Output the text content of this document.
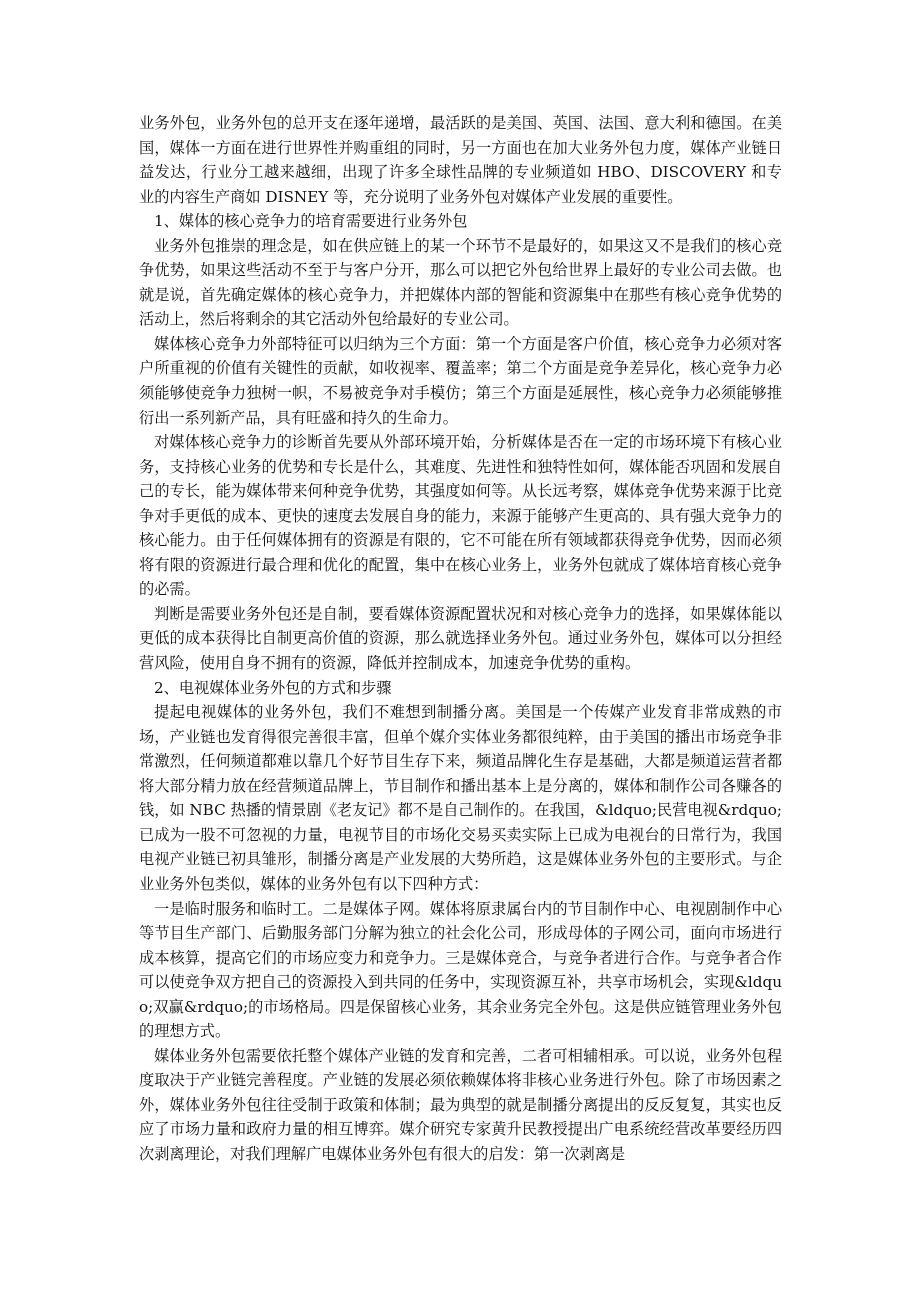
业务外包，业务外包的总开支在逐年递增，最活跃的是美国、英国、法国、意大利和德国。在美国，媒体一方面在进行世界性并购重组的同时，另一方面也在加大业务外包力度，媒体产业链日益发达，行业分工越来越细，出现了许多全球性品牌的专业频道如 HBO、DISCOVERY 和专业的内容生产商如 DISNEY 等，充分说明了业务外包对媒体产业发展的重要性。

1、媒体的核心竞争力的培育需要进行业务外包

业务外包推崇的理念是，如在供应链上的某一个环节不是最好的，如果这又不是我们的核心竞争优势，如果这些活动不至于与客户分开，那么可以把它外包给世界上最好的专业公司去做。也就是说，首先确定媒体的核心竞争力，并把媒体内部的智能和资源集中在那些有核心竞争优势的活动上，然后将剩余的其它活动外包给最好的专业公司。

媒体核心竞争力外部特征可以归纳为三个方面：第一个方面是客户价值，核心竞争力必须对客户所重视的价值有关键性的贡献，如收视率、覆盖率；第二个方面是竞争差异化，核心竞争力必须能够使竞争力独树一帜，不易被竞争对手模仿；第三个方面是延展性，核心竞争力必须能够推衍出一系列新产品，具有旺盛和持久的生命力。

对媒体核心竞争力的诊断首先要从外部环境开始，分析媒体是否在一定的市场环境下有核心业务，支持核心业务的优势和专长是什么，其难度、先进性和独特性如何，媒体能否巩固和发展自己的专长，能为媒体带来何种竞争优势，其强度如何等。从长远考察，媒体竞争优势来源于比竞争对手更低的成本、更快的速度去发展自身的能力，来源于能够产生更高的、具有强大竞争力的核心能力。由于任何媒体拥有的资源是有限的，它不可能在所有领域都获得竞争优势，因而必须将有限的资源进行最合理和优化的配置，集中在核心业务上，业务外包就成了媒体培育核心竞争的必需。

判断是需要业务外包还是自制，要看媒体资源配置状况和对核心竞争力的选择，如果媒体能以更低的成本获得比自制更高价值的资源，那么就选择业务外包。通过业务外包，媒体可以分担经营风险，使用自身不拥有的资源，降低并控制成本，加速竞争优势的重构。

2、电视媒体业务外包的方式和步骤

提起电视媒体的业务外包，我们不难想到制播分离。美国是一个传媒产业发育非常成熟的市场，产业链也发育得很完善很丰富，但单个媒介实体业务都很纯粹，由于美国的播出市场竞争非常激烈，任何频道都难以靠几个好节目生存下来，频道品牌化生存是基础，大都是频道运营者都将大部分精力放在经营频道品牌上，节目制作和播出基本上是分离的，媒体和制作公司各赚各的钱，如 NBC 热播的情景剧《老友记》都不是自己制作的。在我国，&ldquo;民营电视&rdquo;已成为一股不可忽视的力量，电视节目的市场化交易买卖实际上已成为电视台的日常行为，我国电视产业链已初具雏形，制播分离是产业发展的大势所趋，这是媒体业务外包的主要形式。与企业业务外包类似，媒体的业务外包有以下四种方式：

一是临时服务和临时工。二是媒体子网。媒体将原隶属台内的节目制作中心、电视剧制作中心等节目生产部门、后勤服务部门分解为独立的社会化公司，形成母体的子网公司，面向市场进行成本核算，提高它们的市场应变力和竞争力。三是媒体竞合，与竞争者进行合作。与竞争者合作可以使竞争双方把自己的资源投入到共同的任务中，实现资源互补，共享市场机会，实现&ldquo;双赢&rdquo;的市场格局。四是保留核心业务，其余业务完全外包。这是供应链管理业务外包的理想方式。

媒体业务外包需要依托整个媒体产业链的发育和完善，二者可相辅相承。可以说，业务外包程度取决于产业链完善程度。产业链的发展必须依赖媒体将非核心业务进行外包。除了市场因素之外，媒体业务外包往往受制于政策和体制；最为典型的就是制播分离提出的反反复复，其实也反应了市场力量和政府力量的相互博弈。媒介研究专家黄升民教授提出广电系统经营改革要经历四次剥离理论，对我们理解广电媒体业务外包有很大的启发：第一次剥离是
